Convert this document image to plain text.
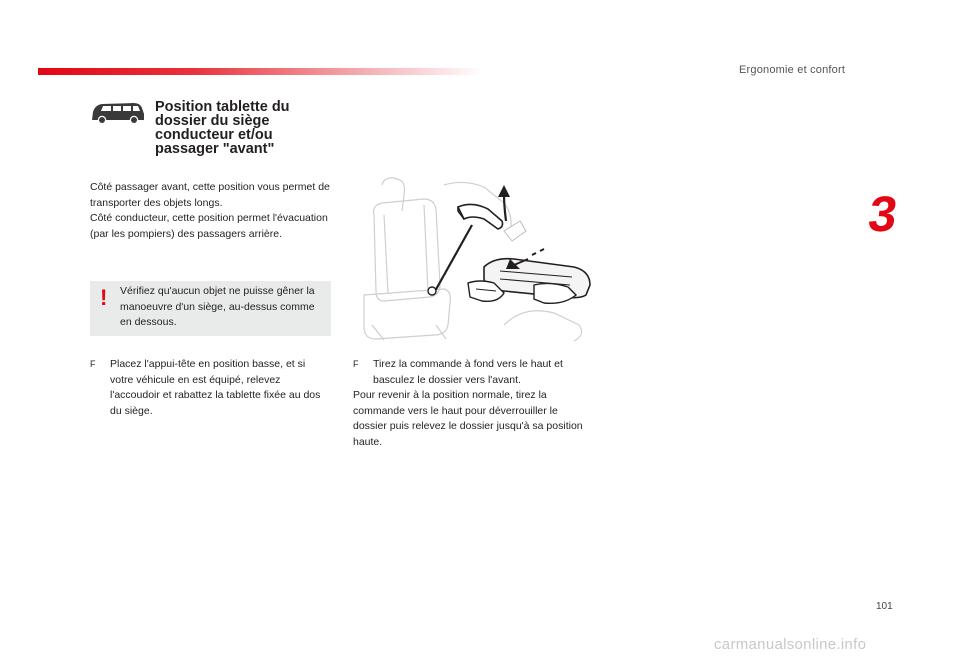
Ergonomie et confort
3
Position tablette du dossier du siège conducteur et/ou passager "avant"

Côté passager avant, cette position vous permet de transporter des objets longs.

Côté conducteur, cette position permet l'évacuation (par les pompiers) des passagers arrière.

! Vérifiez qu'aucun objet ne puisse gêner la manoeuvre d'un siège, au-dessus comme en dessous.
F	Placez l'appui-tête en position basse, et si votre véhicule en est équipé, relevez l'accoudoir et rabattez la tablette fixée au dos du siège.
F	Tirez la commande à fond vers le haut et basculez le dossier vers l'avant.
Pour revenir à la position normale, tirez la commande vers le haut pour déverrouiller le dossier puis relevez le dossier jusqu'à sa position haute.
101
carmanualsonline.info
